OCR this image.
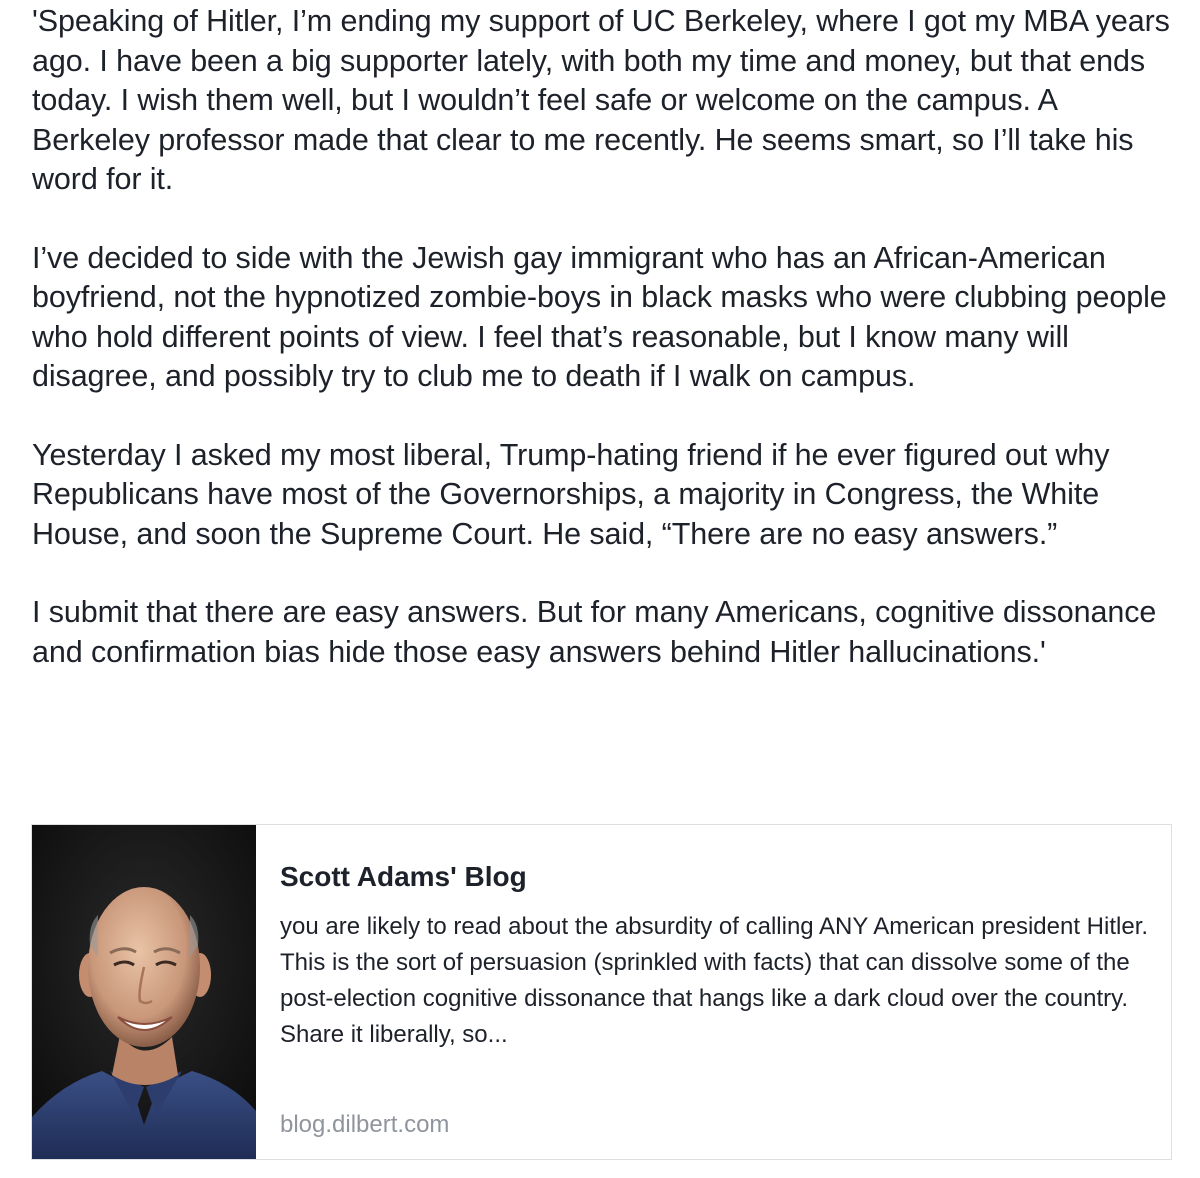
'Speaking of Hitler, I’m ending my support of UC Berkeley, where I got my MBA years ago. I have been a big supporter lately, with both my time and money, but that ends today. I wish them well, but I wouldn’t feel safe or welcome on the campus. A Berkeley professor made that clear to me recently. He seems smart, so I’ll take his word for it.

I’ve decided to side with the Jewish gay immigrant who has an African-American boyfriend, not the hypnotized zombie-boys in black masks who were clubbing people who hold different points of view. I feel that’s reasonable, but I know many will disagree, and possibly try to club me to death if I walk on campus.

Yesterday I asked my most liberal, Trump-hating friend if he ever figured out why Republicans have most of the Governorships, a majority in Congress, the White House, and soon the Supreme Court. He said, “There are no easy answers.”

I submit that there are easy answers. But for many Americans, cognitive dissonance and confirmation bias hide those easy answers behind Hitler hallucinations.'

Scott Adams' Blog

you are likely to read about the absurdity of calling ANY American president Hitler. This is the sort of persuasion (sprinkled with facts) that can dissolve some of the post-election cognitive dissonance that hangs like a dark cloud over the country. Share it liberally, so...

blog.dilbert.com
